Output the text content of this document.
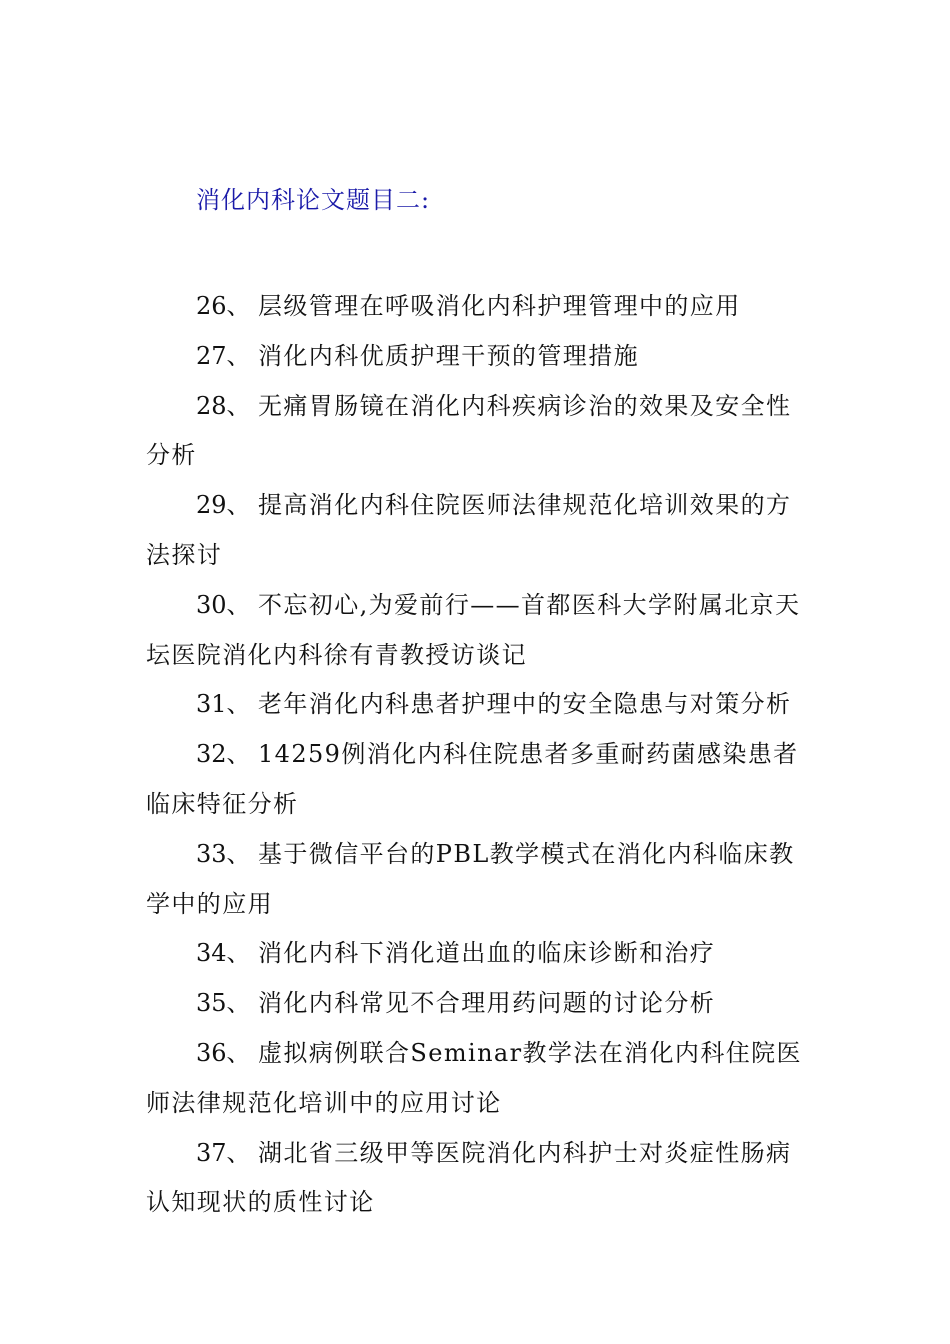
消化内科论文题目二:
26、 层级管理在呼吸消化内科护理管理中的应用
27、 消化内科优质护理干预的管理措施
28、 无痛胃肠镜在消化内科疾病诊治的效果及安全性分析
29、 提高消化内科住院医师法律规范化培训效果的方法探讨
30、 不忘初心,为爱前行——首都医科大学附属北京天坛医院消化内科徐有青教授访谈记
31、 老年消化内科患者护理中的安全隐患与对策分析
32、 14259例消化内科住院患者多重耐药菌感染患者临床特征分析
33、 基于微信平台的PBL教学模式在消化内科临床教学中的应用
34、 消化内科下消化道出血的临床诊断和治疗
35、 消化内科常见不合理用药问题的讨论分析
36、 虚拟病例联合Seminar教学法在消化内科住院医师法律规范化培训中的应用讨论
37、 湖北省三级甲等医院消化内科护士对炎症性肠病认知现状的质性讨论
